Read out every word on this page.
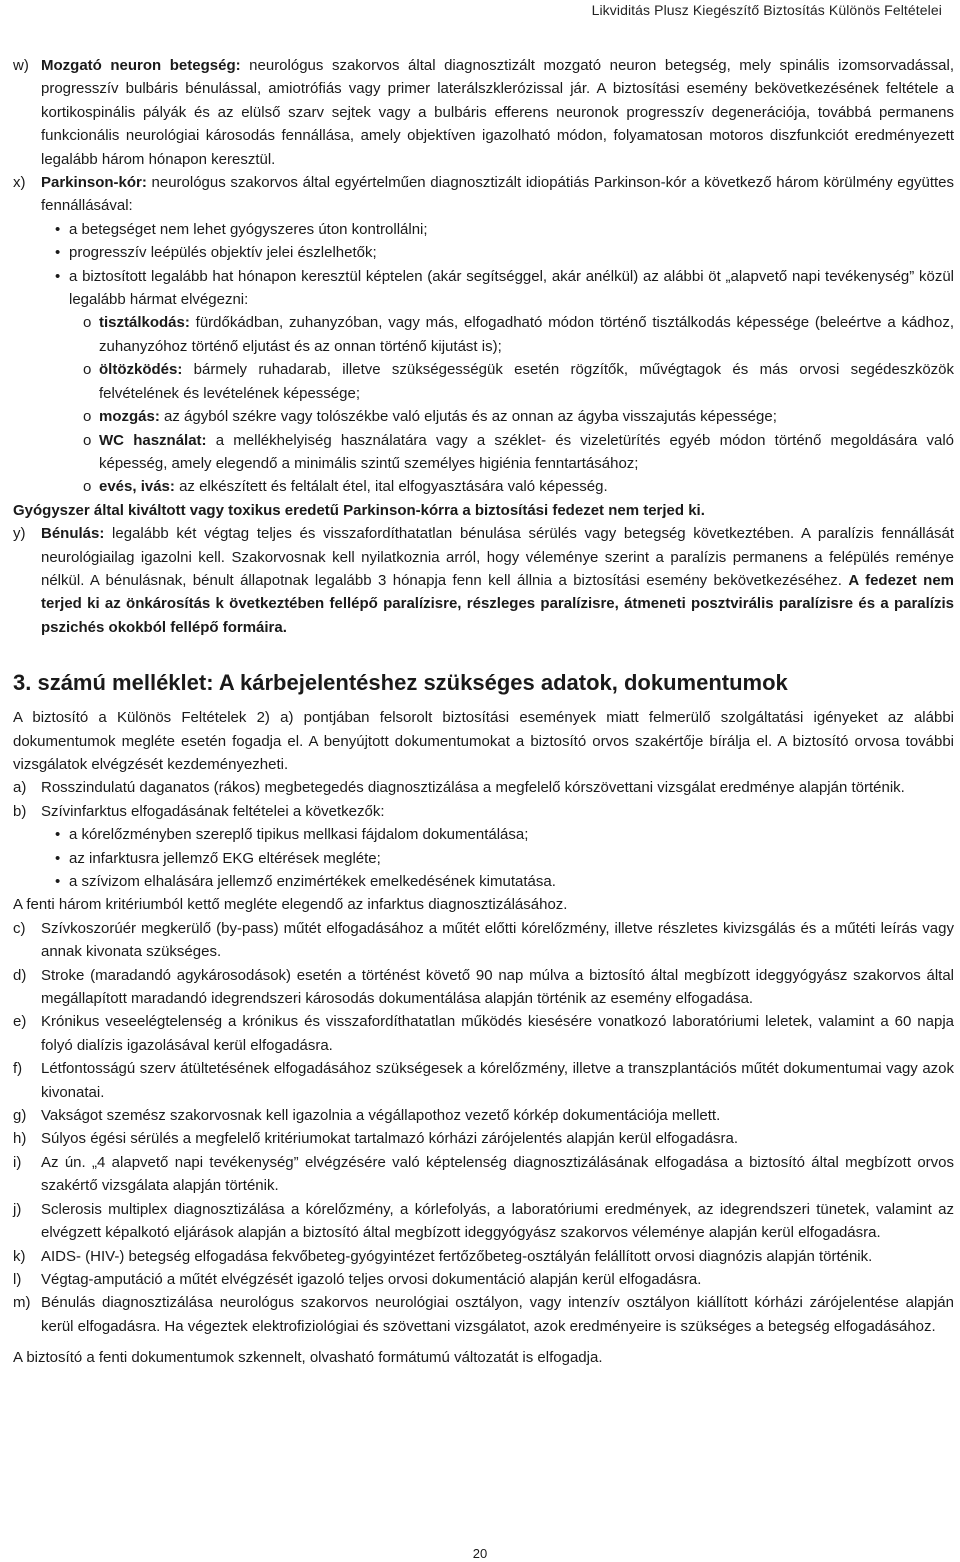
Likviditás Plusz Kiegészítő Biztosítás Különös Feltételei
w) Mozgató neuron betegség: neurológus szakorvos által diagnosztizált mozgató neuron betegség, mely spinális izomsorvadással, progresszív bulbáris bénulással, amiotrófiás vagy primer laterálszklerózissal jár. A biztosítási esemény bekövetkezésének feltétele a kortikospinális pályák és az elülső szarv sejtek vagy a bulbáris efferens neuronok progresszív degenerációja, továbbá permanens funkcionális neurológiai károsodás fennállása, amely objektíven igazolható módon, folyamatosan motoros diszfunkciót eredményezett legalább három hónapon keresztül.
x)	Parkinson-kór: neurológus szakorvos által egyértelműen diagnosztizált idiopátiás Parkinson-kór a következő három körülmény együttes fennállásával:
• a betegséget nem lehet gyógyszeres úton kontrollálni;
• progresszív leépülés objektív jelei észlelhetők;
• a biztosított legalább hat hónapon keresztül képtelen (akár segítséggel, akár anélkül) az alábbi öt „alapvető napi tevékenység” közül legalább hármat elvégezni:
o tisztálkodás: fürdőkádban, zuhanyzóban, vagy más, elfogadható módon történő tisztálkodás képessége (beleértve a kádhoz, zuhanyzóhoz történő eljutást és az onnan történő kijutást is);
o öltözködés: bármely ruhadarab, illetve szükségességük esetén rögzítők, művégtagok és más orvosi segédeszközök felvételének és levételének képessége;
o mozgás: az ágyból székre vagy tolószékbe való eljutás és az onnan az ágyba visszajutás képessége;
o WC használat: a mellékhelyiség használatára vagy a széklet- és vizeletürítés egyéb módon történő megoldására való képesség, amely elegendő a minimális szintű személyes higiénia fenntartásához;
o evés, ivás: az elkészített és feltálalt étel, ital elfogyasztására való képesség.
Gyógyszer által kiváltott vagy toxikus eredetű Parkinson-kórra a biztosítási fedezet nem terjed ki.
y)	Bénulás: legalább két végtag teljes és visszafordíthatatlan bénulása sérülés vagy betegség következtében. A paralízis fennállását neurológiailag igazolni kell. Szakorvosnak kell nyilatkoznia arról, hogy véleménye szerint a paralízis permanens a felépülés reménye nélkül. A bénulásnak, bénult állapotnak legalább 3 hónapja fenn kell állnia a biztosítási esemény bekövetkezéséhez. A fedezet nem terjed ki az önkárosítás k övetkeztében fellépő paralízisre, részleges paralízisre, átmeneti posztvirális paralízisre és a paralízis pszichés okokból fellépő formáira.
3. számú melléklet: A kárbejelentéshez szükséges adatok, dokumentumok
A biztosító a Különös Feltételek 2) a) pontjában felsorolt biztosítási események miatt felmerülő szolgáltatási igényeket az alábbi dokumentumok megléte esetén fogadja el. A benyújtott dokumentumokat a biztosító orvos szakértője bírálja el. A biztosító orvosa további vizsgálatok elvégzését kezdeményezheti.
a) Rosszindulatú daganatos (rákos) megbetegedés diagnosztizálása a megfelelő kórszövettani vizsgálat eredménye alapján történik.
b) Szívinfarktus elfogadásának feltételei a következők:
• a kórelőzményben szereplő tipikus mellkasi fájdalom dokumentálása;
• az infarktusra jellemző EKG eltérések megléte;
• a szívizom elhalására jellemző enzimértékek emelkedésének kimutatása.
A fenti három kritériumból kettő megléte elegendő az infarktus diagnosztizálásához.
c)	Szívkoszorúér megkerülő (by-pass) műtét elfogadásához a műtét előtti kórelőzmény, illetve részletes kivizsgálás és a műtéti leírás vagy annak kivonata szükséges.
d) Stroke (maradandó agykárosodások) esetén a történést követő 90 nap múlva a biztosító által megbízott ideggyógyász szakorvos által megállapított maradandó idegrendszeri károsodás dokumentálása alapján történik az esemény elfogadása.
e) Krónikus veseelégtelenség a krónikus és visszafordíthatatlan működés kiesésére vonatkozó laboratóriumi leletek, valamint a 60 napja folyó dialízis igazolásával kerül elfogadásra.
f)	Létfontosságú szerv átültetésének elfogadásához szükségesek a kórelőzmény, illetve a transzplantációs műtét dokumentumai vagy azok kivonatai.
g) Vakságot szemész szakorvosnak kell igazolnia a végállapothoz vezető kórkép dokumentációja mellett.
h) Súlyos égési sérülés a megfelelő kritériumokat tartalmazó kórházi zárójelentés alapján kerül elfogadásra.
i)	Az ún. „4 alapvető napi tevékenység” elvégzésére való képtelenség diagnosztizálásának elfogadása a biztosító által megbízott orvos szakértő vizsgálata alapján történik.
j)	Sclerosis multiplex diagnosztizálása a kórelőzmény, a kórlefolyás, a laboratóriumi eredmények, az idegrendszeri tünetek, valamint az elvégzett képalkotó eljárások alapján a biztosító által megbízott ideggyógyász szakorvos véleménye alapján kerül elfogadásra.
k)	AIDS- (HIV-) betegség elfogadása fekvőbeteg-gyógyintézet fertőzőbeteg-osztályán felállított orvosi diagnózis alapján történik.
l)	Végtag-amputáció a műtét elvégzését igazoló teljes orvosi dokumentáció alapján kerül elfogadásra.
m) Bénulás diagnosztizálása neurológus szakorvos neurológiai osztályon, vagy intenzív osztályon kiállított kórházi zárójelentése alapján kerül elfogadásra. Ha végeztek elektrofiziológiai és szövettani vizsgálatot, azok eredményeire is szükséges a betegség elfogadásához.
A biztosító a fenti dokumentumok szkennelt, olvasható formátumú változatát is elfogadja.
20
